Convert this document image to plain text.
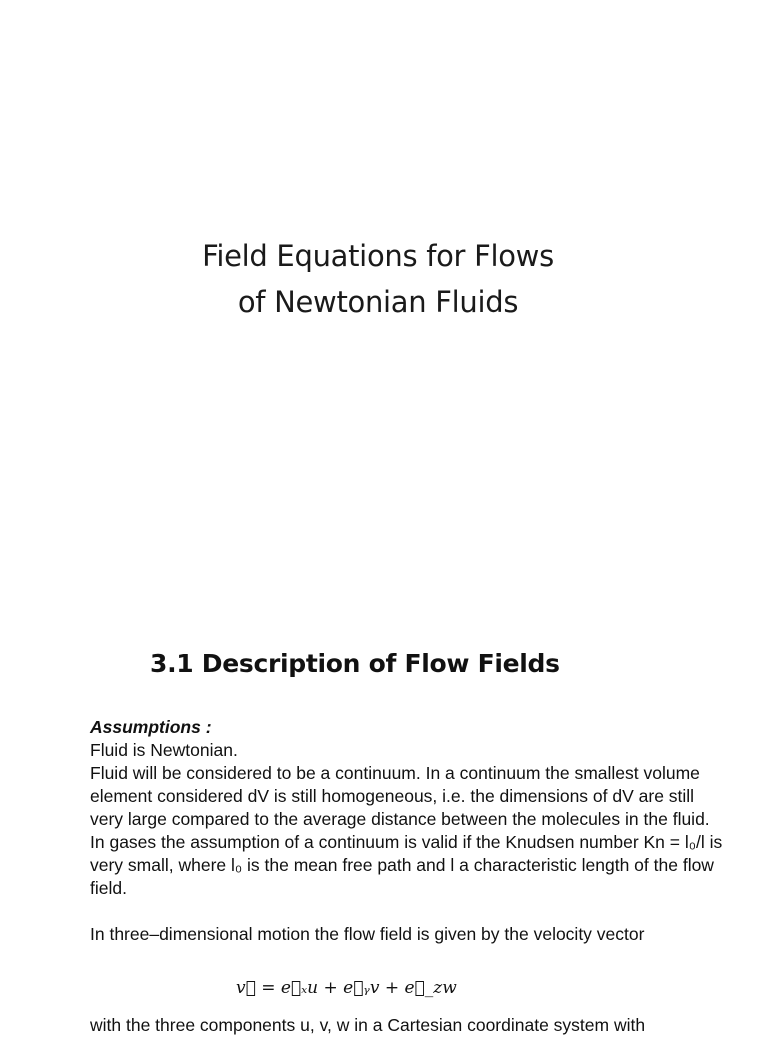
Field Equations for Flows
of Newtonian Fluids
3.1 Description of Flow Fields

Assumptions :

Fluid is Newtonian.

Fluid will be considered to be a continuum. In a continuum the smallest volume element considered dV is still homogeneous, i.e. the dimensions of dV are still very large compared to the average distance between the molecules in the fluid.

In gases the assumption of a continuum is valid if the Knudsen number Kn = l₀/l is very small, where l₀ is the mean free path and l a characteristic length of the flow field.

In three–dimensional motion the flow field is given by the velocity vector

v⃗ = e⃗ₓu + e⃗ᵧv + e⃗_zw
with the three components u, v, w in a Cartesian coordinate system with
